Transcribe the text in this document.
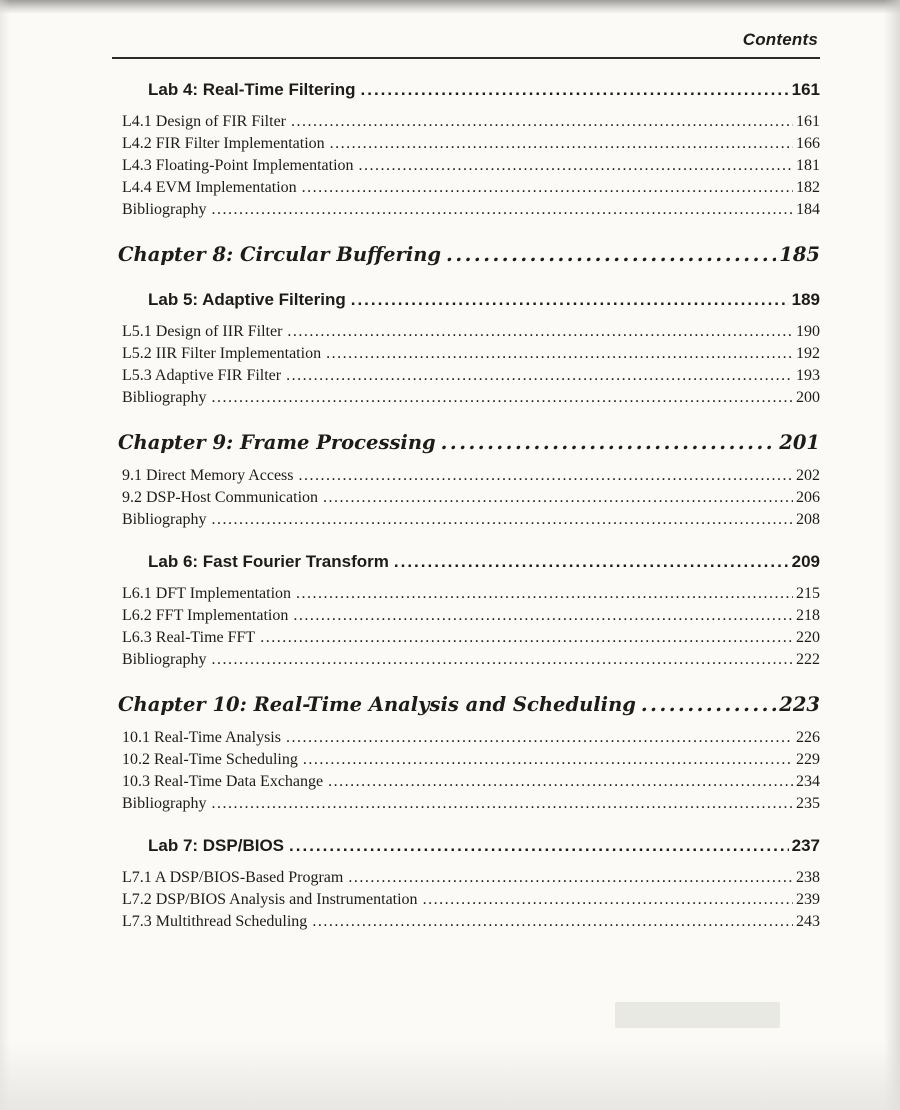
Contents
Lab 4: Real-Time Filtering .....	161
L4.1 Design of FIR Filter .....	161
L4.2 FIR Filter Implementation .....	166
L4.3 Floating-Point Implementation .....	181
L4.4 EVM Implementation .....	182
Bibliography .....	184
Chapter 8: Circular Buffering .....	185
Lab 5: Adaptive Filtering .....	189
L5.1 Design of IIR Filter .....	190
L5.2 IIR Filter Implementation .....	192
L5.3 Adaptive FIR Filter .....	193
Bibliography .....	200
Chapter 9: Frame Processing .....	201
9.1 Direct Memory Access .....	202
9.2 DSP-Host Communication .....	206
Bibliography .....	208
Lab 6: Fast Fourier Transform .....	209
L6.1 DFT Implementation .....	215
L6.2 FFT Implementation .....	218
L6.3 Real-Time FFT .....	220
Bibliography .....	222
Chapter 10: Real-Time Analysis and Scheduling .....	223
10.1 Real-Time Analysis .....	226
10.2 Real-Time Scheduling .....	229
10.3 Real-Time Data Exchange .....	234
Bibliography .....	235
Lab 7: DSP/BIOS .....	237
L7.1 A DSP/BIOS-Based Program .....	238
L7.2 DSP/BIOS Analysis and Instrumentation .....	239
L7.3 Multithread Scheduling .....	243
